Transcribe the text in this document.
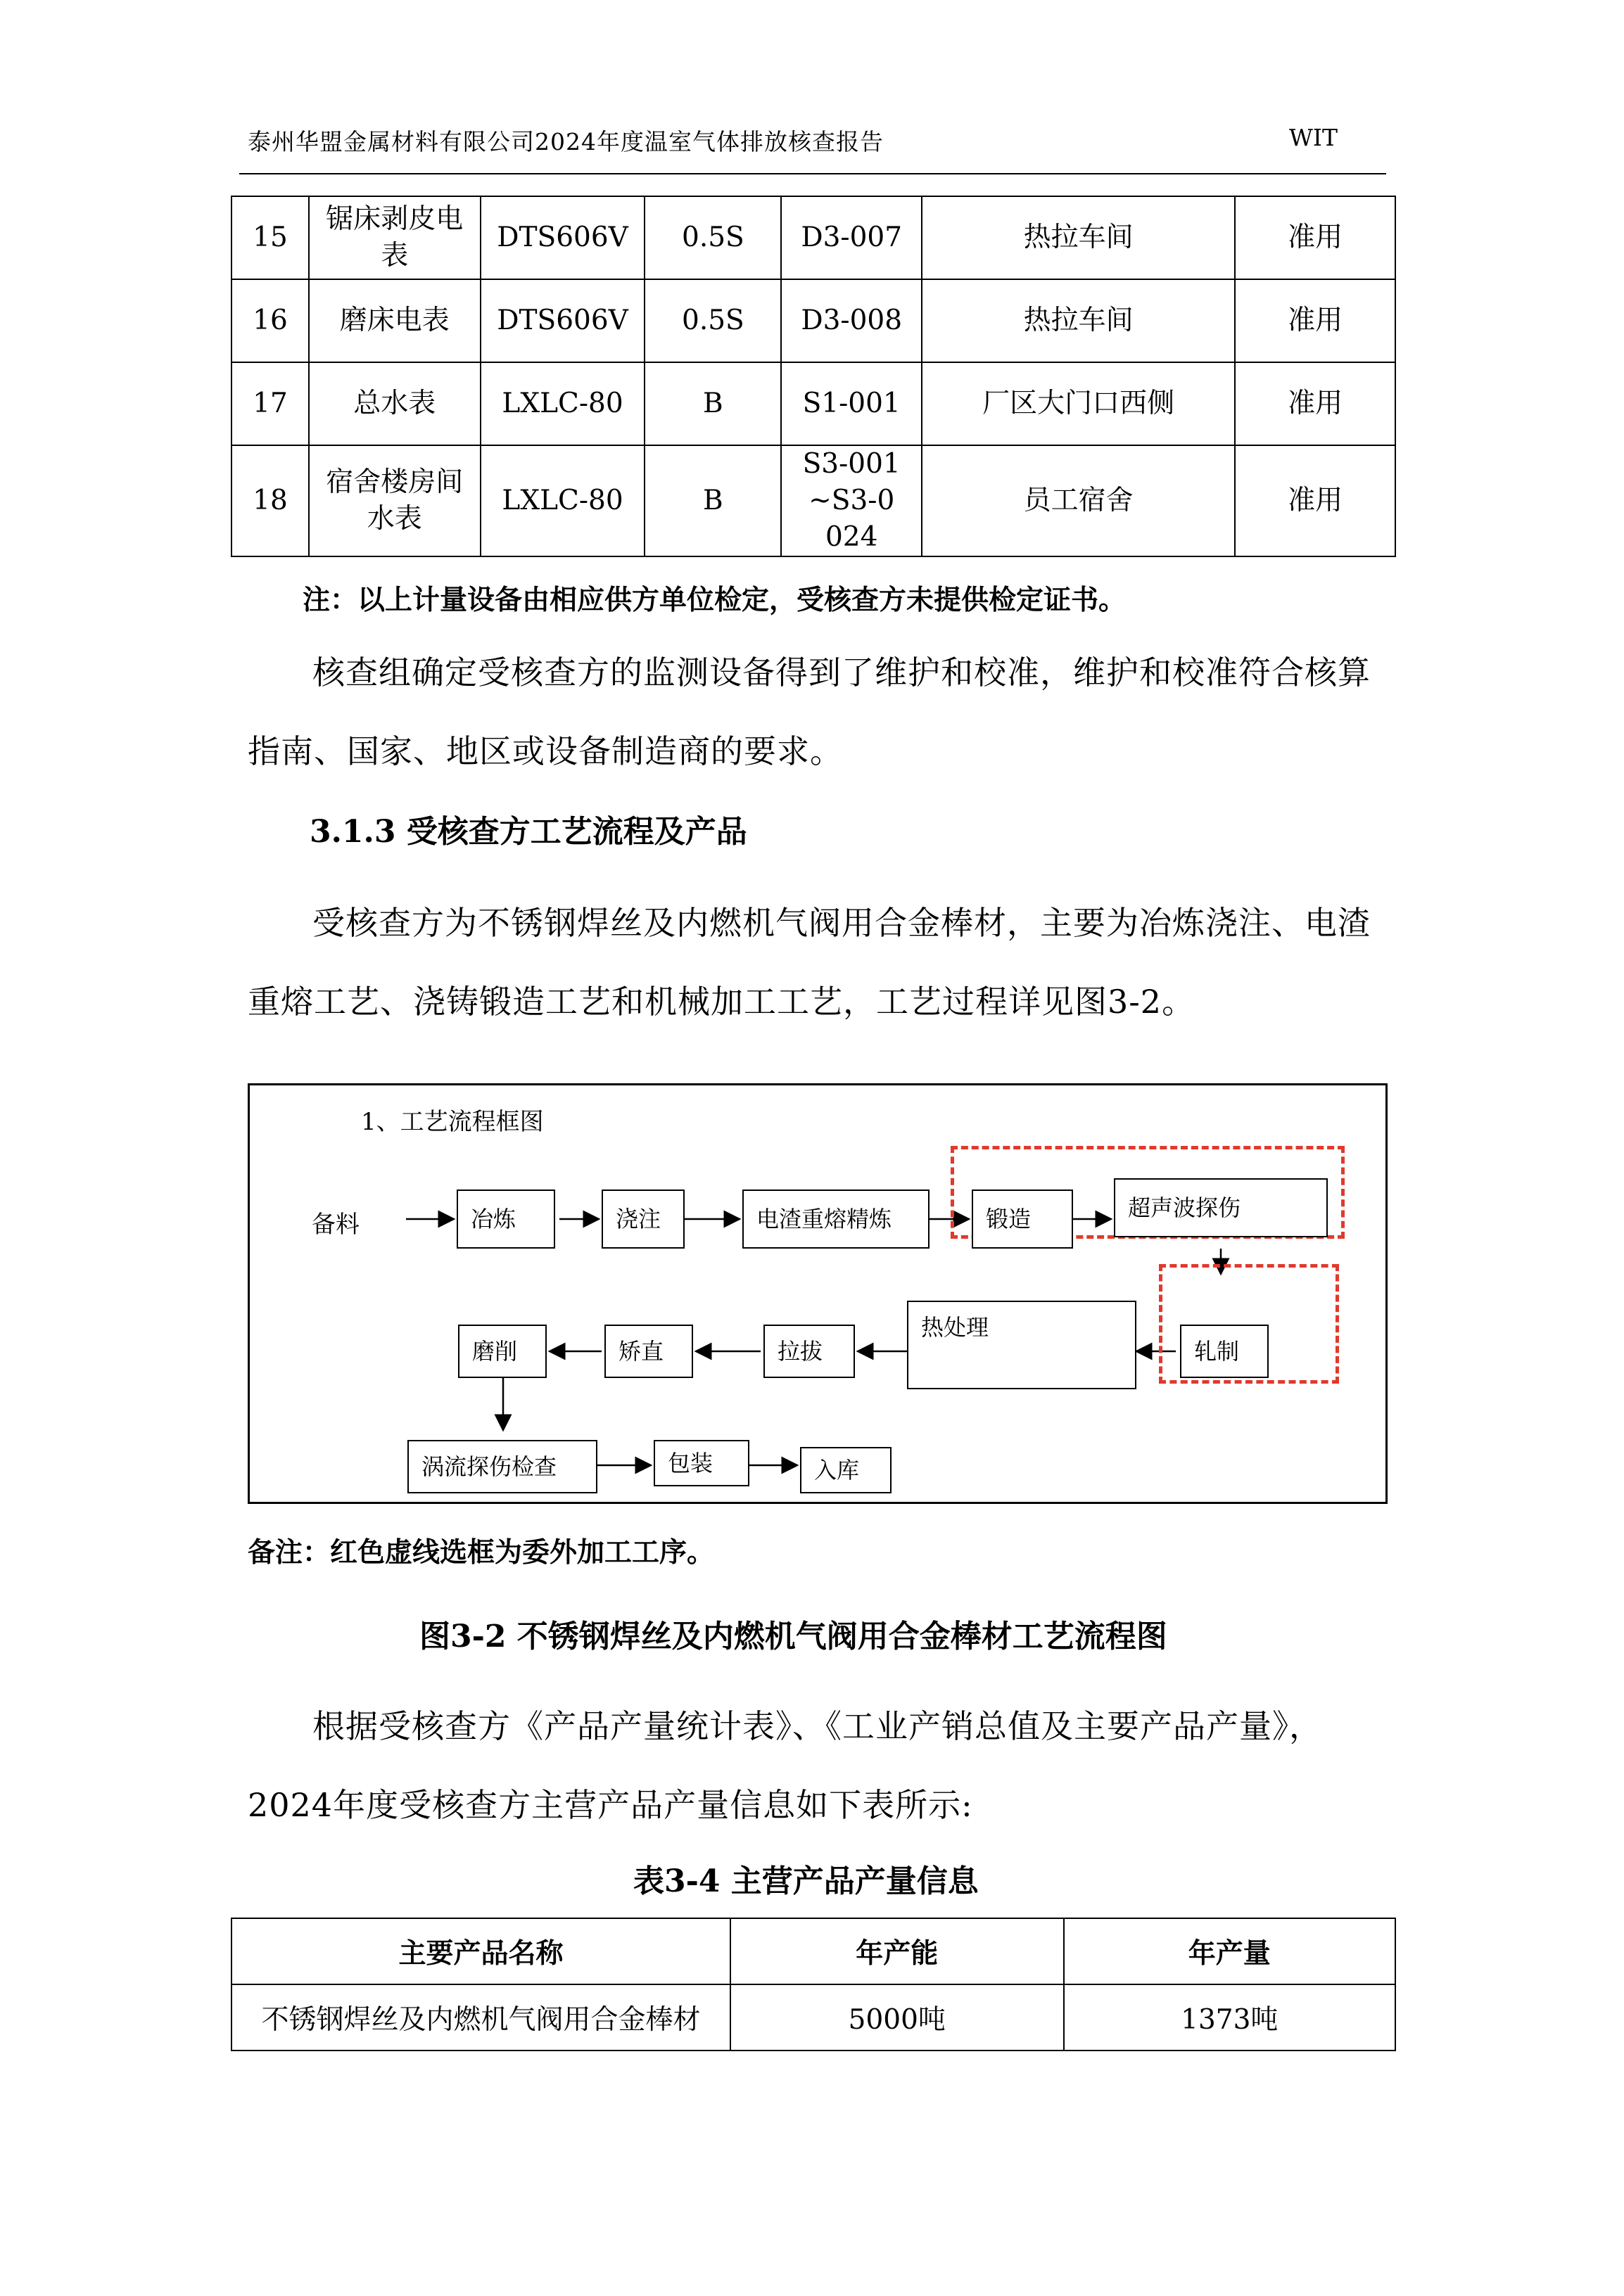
泰州华盟金属材料有限公司2024年度温室气体排放核查报告	WIT
15	锯床剥皮电表	DTS606V	0.5S	D3-007	热拉车间	准用
16	磨床电表	DTS606V	0.5S	D3-008	热拉车间	准用
17	总水表	LXLC-80	B	S1-001	厂区大门口西侧	准用
18	宿舍楼房间水表	LXLC-80	B	S3-001~S3-0024	员工宿舍	准用
注：以上计量设备由相应供方单位检定，受核查方未提供检定证书。
核查组确定受核查方的监测设备得到了维护和校准，维护和校准符合核算指南、国家、地区或设备制造商的要求。
3.1.3 受核查方工艺流程及产品
受核查方为不锈钢焊丝及内燃机气阀用合金棒材，主要为冶炼浇注、电渣重熔工艺、浇铸锻造工艺和机械加工工艺，工艺过程详见图3-2。
1、工艺流程框图
备料	冶炼	浇注	电渣重熔精炼	锻造	超声波探伤
轧制
热处理
拉拔
矫直
磨削
涡流探伤检查	包装	入库
备注：红色虚线选框为委外加工工序。
图3-2 不锈钢焊丝及内燃机气阀用合金棒材工艺流程图
根据受核查方《产品产量统计表》、《工业产销总值及主要产品产量》，2024年度受核查方主营产品产量信息如下表所示:
表3-4 主营产品产量信息
主要产品名称	年产能	年产量
不锈钢焊丝及内燃机气阀用合金棒材	5000吨	1373吨
